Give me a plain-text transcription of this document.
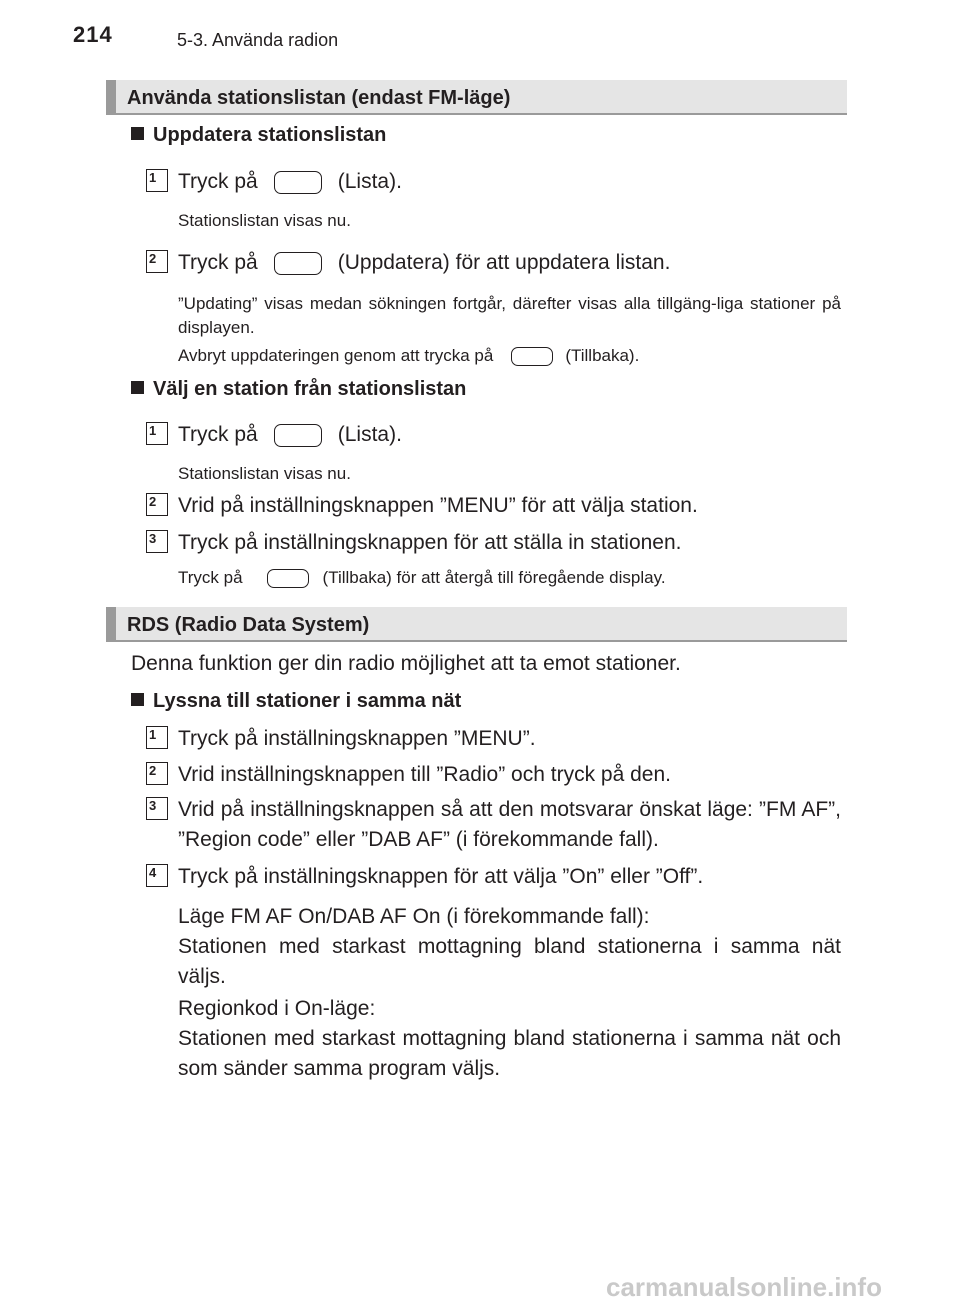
214	5-3. Använda radion
Använda stationslistan (endast FM-läge)
Uppdatera stationslistan
1 Tryck på	(Lista).
Stationslistan visas nu.
2 Tryck på	(Uppdatera) för att uppdatera listan.
”Updating” visas medan sökningen fortgår, därefter visas alla tillgäng-liga stationer på displayen.
Avbryt uppdateringen genom att trycka på	(Tillbaka).
Välj en station från stationslistan
1 Tryck på	(Lista).
Stationslistan visas nu.
2 Vrid på inställningsknappen ”MENU” för att välja station.
3 Tryck på inställningsknappen för att ställa in stationen.
Tryck på	(Tillbaka) för att återgå till föregående display.
RDS (Radio Data System)
Denna funktion ger din radio möjlighet att ta emot stationer.
Lyssna till stationer i samma nät
1 Tryck på inställningsknappen ”MENU”.
2 Vrid inställningsknappen till ”Radio” och tryck på den.
3 Vrid på inställningsknappen så att den motsvarar önskat läge: ”FM AF”, ”Region code” eller ”DAB AF” (i förekommande fall).
4 Tryck på inställningsknappen för att välja ”On” eller ”Off”.
Läge FM AF On/DAB AF On (i förekommande fall):
Stationen med starkast mottagning bland stationerna i samma nät väljs.
Regionkod i On-läge:
Stationen med starkast mottagning bland stationerna i samma nät och som sänder samma program väljs.
carmanualsonline.info
